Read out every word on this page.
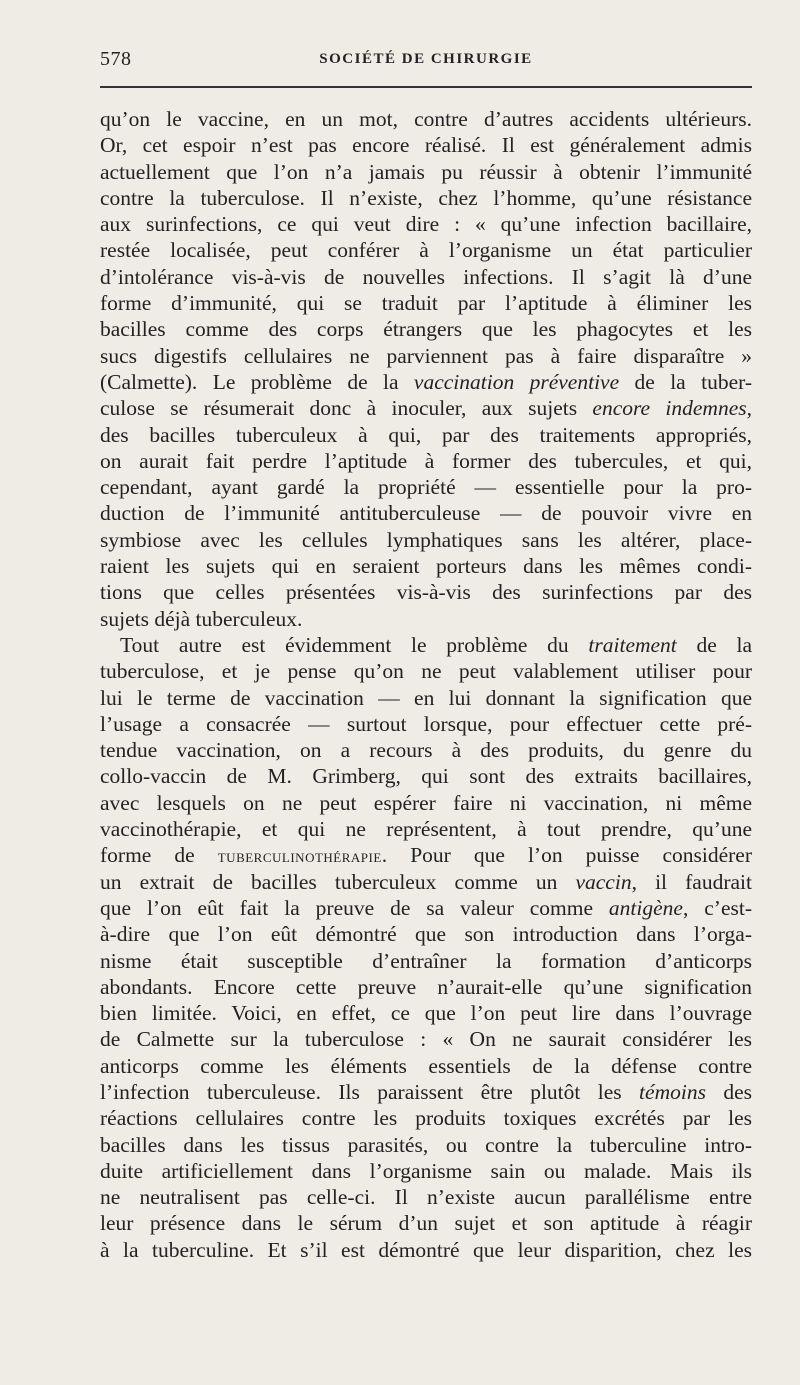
578	SOCIÉTÉ DE CHIRURGIE
qu’on le vaccine, en un mot, contre d’autres accidents ultérieurs.
Or, cet espoir n’est pas encore réalisé. Il est généralement admis
actuellement que l’on n’a jamais pu réussir à obtenir l’immunité
contre la tuberculose. Il n’existe, chez l’homme, qu’une résistance
aux surinfections, ce qui veut dire : « qu’une infection bacillaire,
restée localisée, peut conférer à l’organisme un état particulier
d’intolérance vis-à-vis de nouvelles infections. Il s’agit là d’une
forme d’immunité, qui se traduit par l’aptitude à éliminer les
bacilles comme des corps étrangers que les phagocytes et les
sucs digestifs cellulaires ne parviennent pas à faire disparaître »
(Calmette). Le problème de la vaccination préventive de la tuber-
culose se résumerait donc à inoculer, aux sujets encore indemnes,
des bacilles tuberculeux à qui, par des traitements appropriés,
on aurait fait perdre l’aptitude à former des tubercules, et qui,
cependant, ayant gardé la propriété — essentielle pour la pro-
duction de l’immunité antituberculeuse — de pouvoir vivre en
symbiose avec les cellules lymphatiques sans les altérer, place-
raient les sujets qui en seraient porteurs dans les mêmes condi-
tions que celles présentées vis-à-vis des surinfections par des
sujets déjà tuberculeux.
Tout autre est évidemment le problème du traitement de la
tuberculose, et je pense qu’on ne peut valablement utiliser pour
lui le terme de vaccination — en lui donnant la signification que
l’usage a consacrée — surtout lorsque, pour effectuer cette pré-
tendue vaccination, on a recours à des produits, du genre du
collo-vaccin de M. Grimberg, qui sont des extraits bacillaires,
avec lesquels on ne peut espérer faire ni vaccination, ni même
vaccinothérapie, et qui ne représentent, à tout prendre, qu’une
forme de tuberculinothérapie. Pour que l’on puisse considérer
un extrait de bacilles tuberculeux comme un vaccin, il faudrait
que l’on eût fait la preuve de sa valeur comme antigène, c’est-
à-dire que l’on eût démontré que son introduction dans l’orga-
nisme était susceptible d’entraîner la formation d’anticorps
abondants. Encore cette preuve n’aurait-elle qu’une signification
bien limitée. Voici, en effet, ce que l’on peut lire dans l’ouvrage
de Calmette sur la tuberculose : « On ne saurait considérer les
anticorps comme les éléments essentiels de la défense contre
l’infection tuberculeuse. Ils paraissent être plutôt les témoins des
réactions cellulaires contre les produits toxiques excrétés par les
bacilles dans les tissus parasités, ou contre la tuberculine intro-
duite artificiellement dans l’organisme sain ou malade. Mais ils
ne neutralisent pas celle-ci. Il n’existe aucun parallélisme entre
leur présence dans le sérum d’un sujet et son aptitude à réagir
à la tuberculine. Et s’il est démontré que leur disparition, chez les
